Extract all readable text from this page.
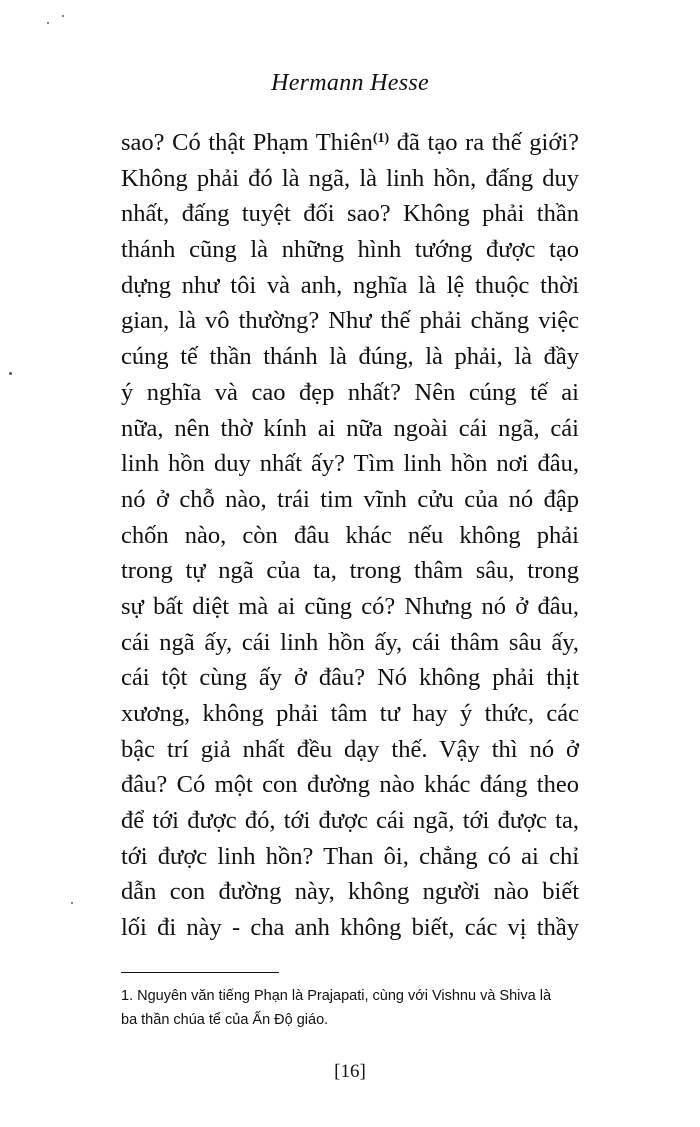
Hermann Hesse
sao? Có thật Phạm Thiên$^{(1)}$ đã tạo ra thế giới?
Không phải đó là ngã, là linh hồn, đấng duy
nhất, đấng tuyệt đối sao? Không phải thần
thánh cũng là những hình tướng được tạo
dựng như tôi và anh, nghĩa là lệ thuộc thời
gian, là vô thường? Như thế phải chăng việc
cúng tế thần thánh là đúng, là phải, là đầy
ý nghĩa và cao đẹp nhất? Nên cúng tế ai
nữa, nên thờ kính ai nữa ngoài cái ngã, cái
linh hồn duy nhất ấy? Tìm linh hồn nơi đâu,
nó ở chỗ nào, trái tim vĩnh cửu của nó đập
chốn nào, còn đâu khác nếu không phải
trong tự ngã của ta, trong thâm sâu, trong
sự bất diệt mà ai cũng có? Nhưng nó ở đâu,
cái ngã ấy, cái linh hồn ấy, cái thâm sâu ấy,
cái tột cùng ấy ở đâu? Nó không phải thịt
xương, không phải tâm tư hay ý thức, các
bậc trí giả nhất đều dạy thế. Vậy thì nó ở
đâu? Có một con đường nào khác đáng theo
để tới được đó, tới được cái ngã, tới được ta,
tới được linh hồn? Than ôi, chẳng có ai chỉ
dẫn con đường này, không người nào biết
lối đi này - cha anh không biết, các vị thầy
1. Nguyên văn tiếng Phạn là Prajapati, cùng với Vishnu và Shiva là
ba thần chúa tể của Ấn Độ giáo.
[16]
